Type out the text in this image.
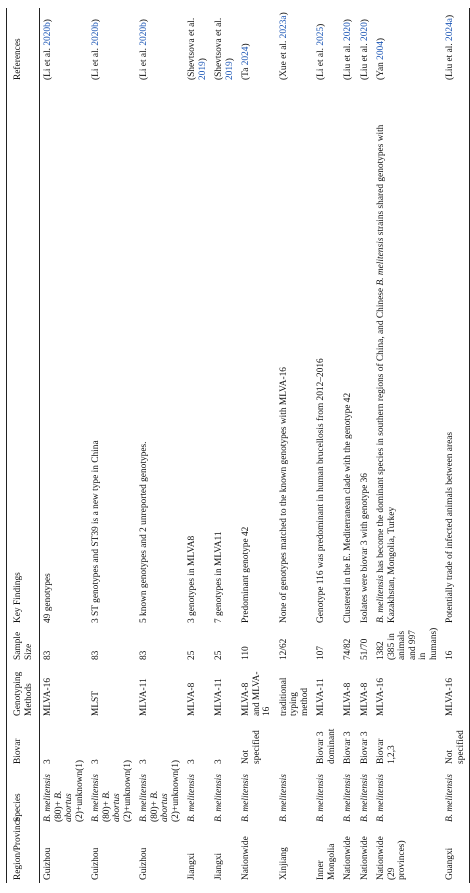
Region/Province	Species	Biovar	Genotyping Methods	Sample Size	Key Findings	References
Guizhou	B. melitensis (80)+ B. abortus (2)+unknown(1)	3	MLVA-16	83	49 genotypes	(Li et al. 2020b)
Guizhou	B. melitensis (80)+ B. abortus (2)+unknown(1)	3	MLST	83	3 ST genotypes and ST39 is a new type in China	(Li et al. 2020b)
Guizhou	B. melitensis (80)+ B. abortus (2)+unknown(1)	3	MLVA-11	83	5 known genotypes and 2 unreported genotypes.	(Li et al. 2020b)
Jiangxi	B. melitensis	3	MLVA-8	25	3 genotypes in MLVA8	(Shevtsova et al. 2019)
Jiangxi	B. melitensis	3	MLVA-11	25	7 genotypes in MLVA11	(Shevtsova et al. 2019)
Nationwide	B. melitensis	Not specified	MLVA-8 and MLVA-16	110	Predominant genotype 42	(Ta 2024)
Xinjiang	B. melitensis		traditional typing method	12/62	None of genotypes matched to the known genotypes with MLVA-16	(Xue et al. 2023a)
Inner Mongolia	B. melitensis	Biovar 3 dominant	MLVA-11	107	Genotype 116 was predominant in human brucellosis from 2012–2016	(Li et al. 2025)
Nationwide	B. melitensis	Biovar 3	MLVA-8	74/82	Clustered in the E. Mediterranean clade with the genotype 42	(Liu et al. 2020)
Nationwide	B. melitensis	Biovar 3	MLVA-8	51/70	Isolates were biovar 3 with genotype 36	(Liu et al. 2020)
Nationwide (29 provinces)	B. melitensis	Biovar 1,2,3	MLVA-16	1382 (385 in animals and 997 in humans)	B. melitensis has become the dominant species in southern regions of China, and Chinese B. melitensis strains shared genotypes with Kazakhstan, Mongolia, Turkey	(Yan 2004)
Guangxi	B. melitensis	Not specified	MLVA-16	16	Potentially trade of infected animals between areas	(Liu et al. 2024a)
